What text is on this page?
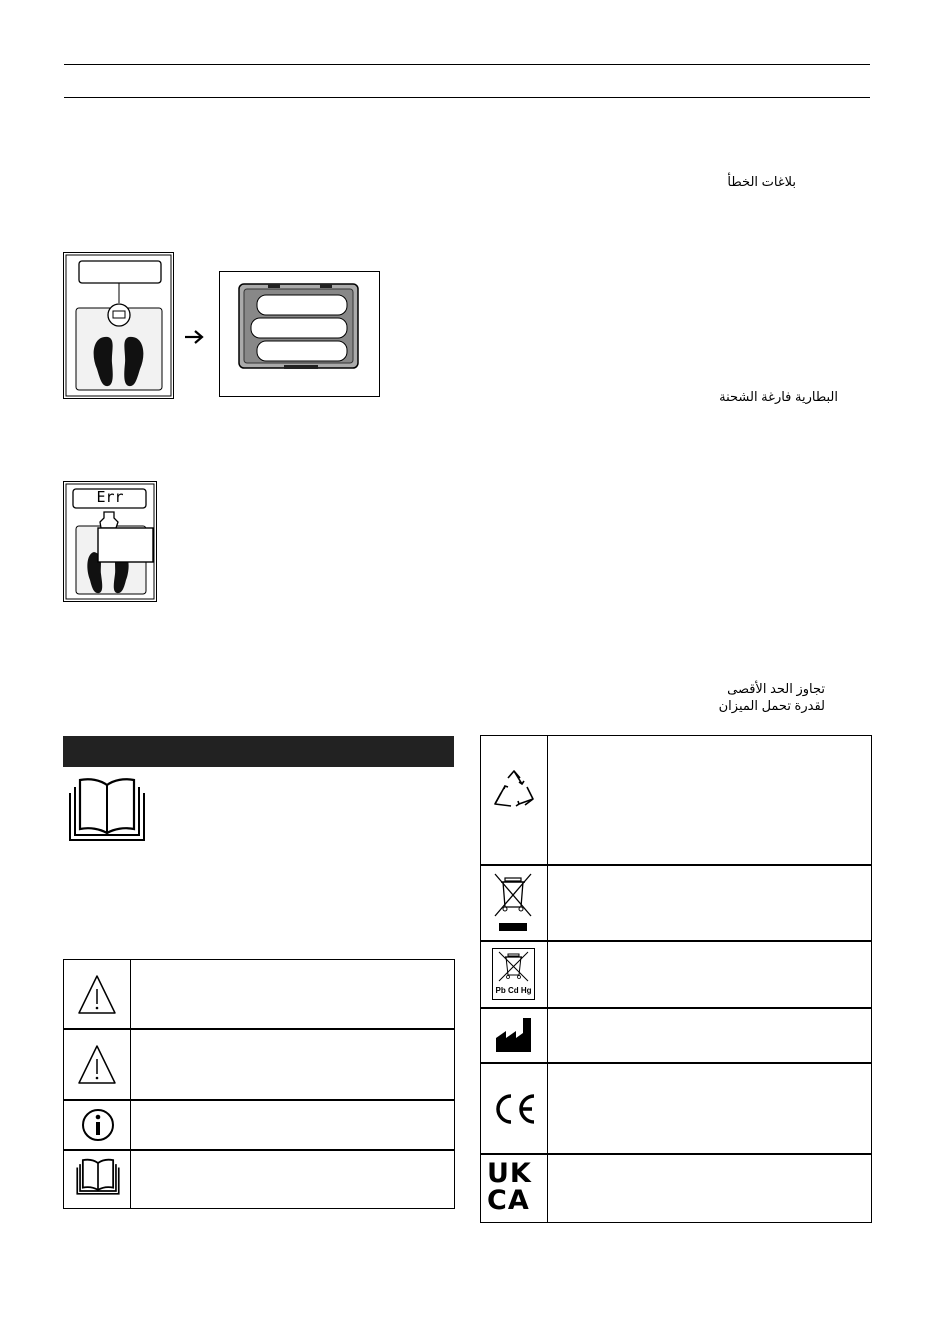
بلاغات الخطأ
البطارية فارغة الشحنة
تجاوز الحد الأقصى
لقدرة تحمل الميزان
Err
Pb Cd Hg
UK
CA
